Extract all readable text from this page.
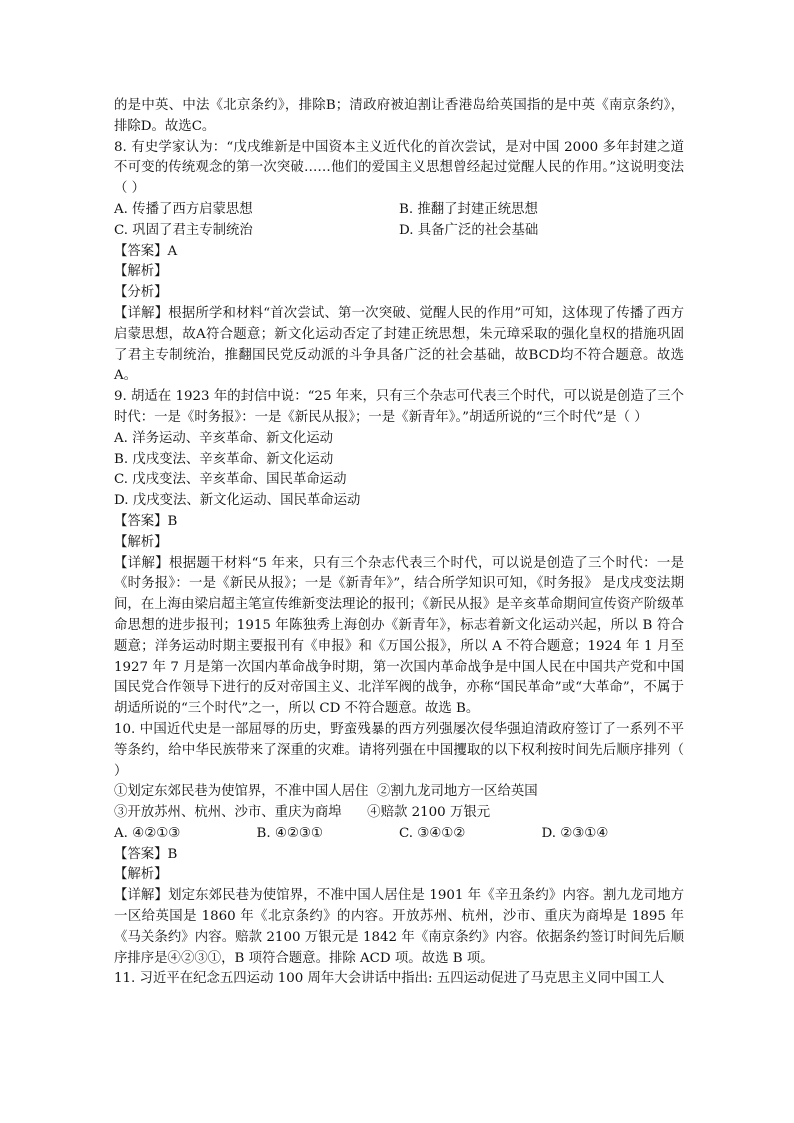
的是中英、中法《北京条约》，排除B；清政府被迫割让香港岛给英国指的是中英《南京条约》，排除D。故选C。

8. 有史学家认为：“戊戌维新是中国资本主义近代化的首次尝试，是对中国 2000 多年封建之道不可变的传统观念的第一次突破……他们的爱国主义思想曾经起过觉醒人民的作用。”这说明变法（ ）

A. 传播了西方启蒙思想	B. 推翻了封建正统思想
C. 巩固了君主专制统治	D. 具备广泛的社会基础

【答案】A

【解析】

【分析】

【详解】根据所学和材料“首次尝试、第一次突破、觉醒人民的作用”可知，这体现了传播了西方启蒙思想，故A符合题意；新文化运动否定了封建正统思想，朱元璋采取的强化皇权的措施巩固了君主专制统治，推翻国民党反动派的斗争具备广泛的社会基础，故BCD均不符合题意。故选A。

9. 胡适在 1923 年的封信中说：“25 年来，只有三个杂志可代表三个时代，可以说是创造了三个时代：一是《时务报》：一是《新民从报》；一是《新青年》。”胡适所说的“三个时代”是（ ）

A. 洋务运动、辛亥革命、新文化运动

B. 戊戌变法、辛亥革命、新文化运动

C. 戊戌变法、辛亥革命、国民革命运动

D. 戊戌变法、新文化运动、国民革命运动

【答案】B

【解析】

【详解】根据题干材料“5 年来，只有三个杂志代表三个时代，可以说是创造了三个时代：一是《时务报》：一是《新民从报》；一是《新青年》”，结合所学知识可知，《时务报》 是戊戌变法期间，在上海由梁启超主笔宣传维新变法理论的报刊；《新民从报》是辛亥革命期间宣传资产阶级革命思想的进步报刊；1915 年陈独秀上海创办《新青年》，标志着新文化运动兴起，所以 B 符合题意；洋务运动时期主要报刊有《申报》和《万国公报》，所以 A 不符合题意；1924 年 1 月至 1927 年 7 月是第一次国内革命战争时期，第一次国内革命战争是中国人民在中国共产党和中国国民党合作领导下进行的反对帝国主义、北洋军阀的战争，亦称“国民革命”或“大革命”，不属于胡适所说的“三个时代”之一，所以 CD 不符合题意。故选 B。

10. 中国近代史是一部屈辱的历史，野蛮残暴的西方列强屡次侵华强迫清政府签订了一系列不平等条约，给中华民族带来了深重的灾难。请将列强在中国攫取的以下权利按时间先后顺序排列（ ）

①划定东郊民巷为使馆界，不准中国人居住  ②割九龙司地方一区给英国

③开放苏州、杭州、沙市、重庆为商埠      ④赔款 2100 万银元

A. ④②①③	B. ④②③①	C. ③④①②	D. ②③①④

【答案】B

【解析】

【详解】划定东郊民巷为使馆界，不准中国人居住是 1901 年《辛丑条约》内容。割九龙司地方一区给英国是 1860 年《北京条约》的内容。开放苏州、杭州，沙市、重庆为商埠是 1895 年《马关条约》内容。赔款 2100 万银元是 1842 年《南京条约》内容。依据条约签订时间先后顺序排序是④②③①，B 项符合题意。排除 ACD 项。故选 B 项。

11. 习近平在纪念五四运动 100 周年大会讲话中指出: 五四运动促进了马克思主义同中国工人
